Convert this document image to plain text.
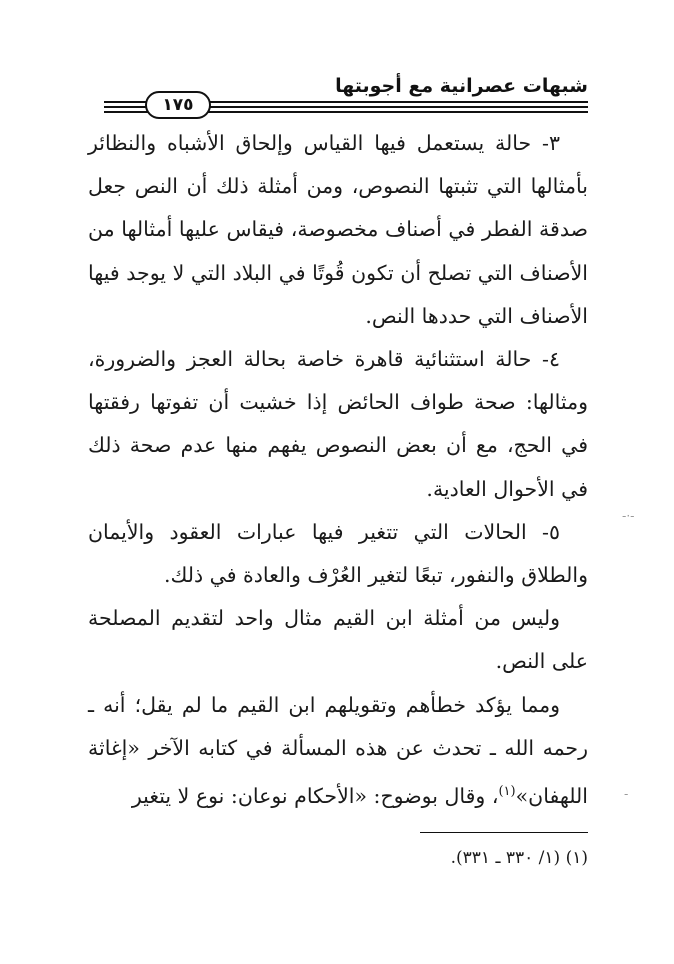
شبهات عصرانية مع أجوبتها
١٧٥

٣- حالة يستعمل فيها القياس وإلحاق الأشباه والنظائر بأمثالها التي تثبتها النصوص، ومن أمثلة ذلك أن النص جعل صدقة الفطر في أصناف مخصوصة، فيقاس عليها أمثالها من الأصناف التي تصلح أن تكون قُوتًا في البلاد التي لا يوجد فيها الأصناف التي حددها النص.

٤- حالة استثنائية قاهرة خاصة بحالة العجز والضرورة، ومثالها: صحة طواف الحائض إذا خشيت أن تفوتها رفقتها في الحج، مع أن بعض النصوص يفهم منها عدم صحة ذلك في الأحوال العادية.

٥- الحالات التي تتغير فيها عبارات العقود والأيمان والطلاق والنفور، تبعًا لتغير العُرْف والعادة في ذلك.

وليس من أمثلة ابن القيم مثال واحد لتقديم المصلحة على النص.

ومما يؤكد خطأهم وتقويلهم ابن القيم ما لم يقل؛ أنه ـ رحمه الله ـ تحدث عن هذه المسألة في كتابه الآخر «إغاثة اللهفان»$^{(١)}$، وقال بوضوح: «الأحكام نوعان: نوع لا يتغير

(١) (١/ ٣٣٠ ـ ٣٣١).
-·-
-
